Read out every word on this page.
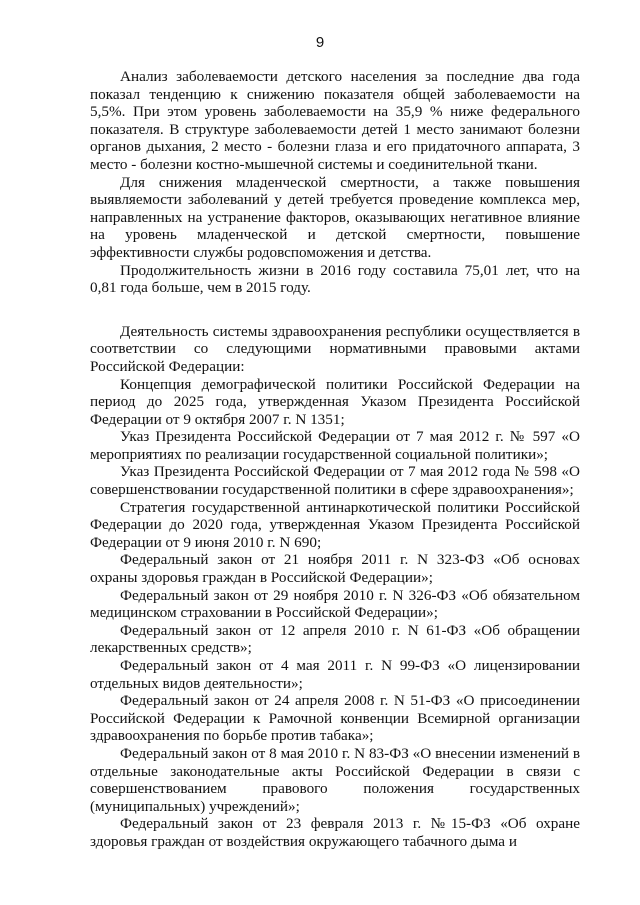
9

Анализ заболеваемости детского населения за последние два года показал тенденцию к снижению показателя общей заболеваемости на 5,5%. При этом уровень заболеваемости на 35,9 % ниже федерального показателя. В структуре заболеваемости детей 1 место занимают болезни органов дыхания, 2 место - болезни глаза и его придаточного аппарата, 3 место - болезни костно-мышечной системы и соединительной ткани.

Для снижения младенческой смертности, а также повышения выявляемости заболеваний у детей требуется проведение комплекса мер, направленных на устранение факторов, оказывающих негативное влияние на уровень младенческой и детской смертности, повышение эффективности службы родовспоможения и детства.

Продолжительность жизни в 2016 году составила 75,01 лет, что на 0,81 года больше, чем в 2015 году.

Деятельность системы здравоохранения республики осуществляется в соответствии со следующими нормативными правовыми актами Российской Федерации:

Концепция демографической политики Российской Федерации на период до 2025 года, утвержденная Указом Президента Российской Федерации от 9 октября 2007 г. N 1351;

Указ Президента Российской Федерации от 7 мая 2012 г. № 597 «О мероприятиях по реализации государственной социальной политики»;

Указ Президента Российской Федерации от 7 мая 2012 года № 598 «О совершенствовании государственной политики в сфере здравоохранения»;

Стратегия государственной антинаркотической политики Российской Федерации до 2020 года, утвержденная Указом Президента Российской Федерации от 9 июня 2010 г. N 690;

Федеральный закон от 21 ноября 2011 г. N 323-ФЗ «Об основах охраны здоровья граждан в Российской Федерации»;

Федеральный закон от 29 ноября 2010 г. N 326-ФЗ «Об обязательном медицинском страховании в Российской Федерации»;

Федеральный закон от 12 апреля 2010 г. N 61-ФЗ «Об обращении лекарственных средств»;

Федеральный закон от 4 мая 2011 г. N 99-ФЗ «О лицензировании отдельных видов деятельности»;

Федеральный закон от 24 апреля 2008 г. N 51-ФЗ «О присоединении Российской Федерации к Рамочной конвенции Всемирной организации здравоохранения по борьбе против табака»;

Федеральный закон от 8 мая 2010 г. N 83-ФЗ «О внесении изменений в отдельные законодательные акты Российской Федерации в связи с совершенствованием правового положения государственных (муниципальных) учреждений»;

Федеральный закон от 23 февраля 2013 г. №15-ФЗ «Об охране здоровья граждан от воздействия окружающего табачного дыма и
